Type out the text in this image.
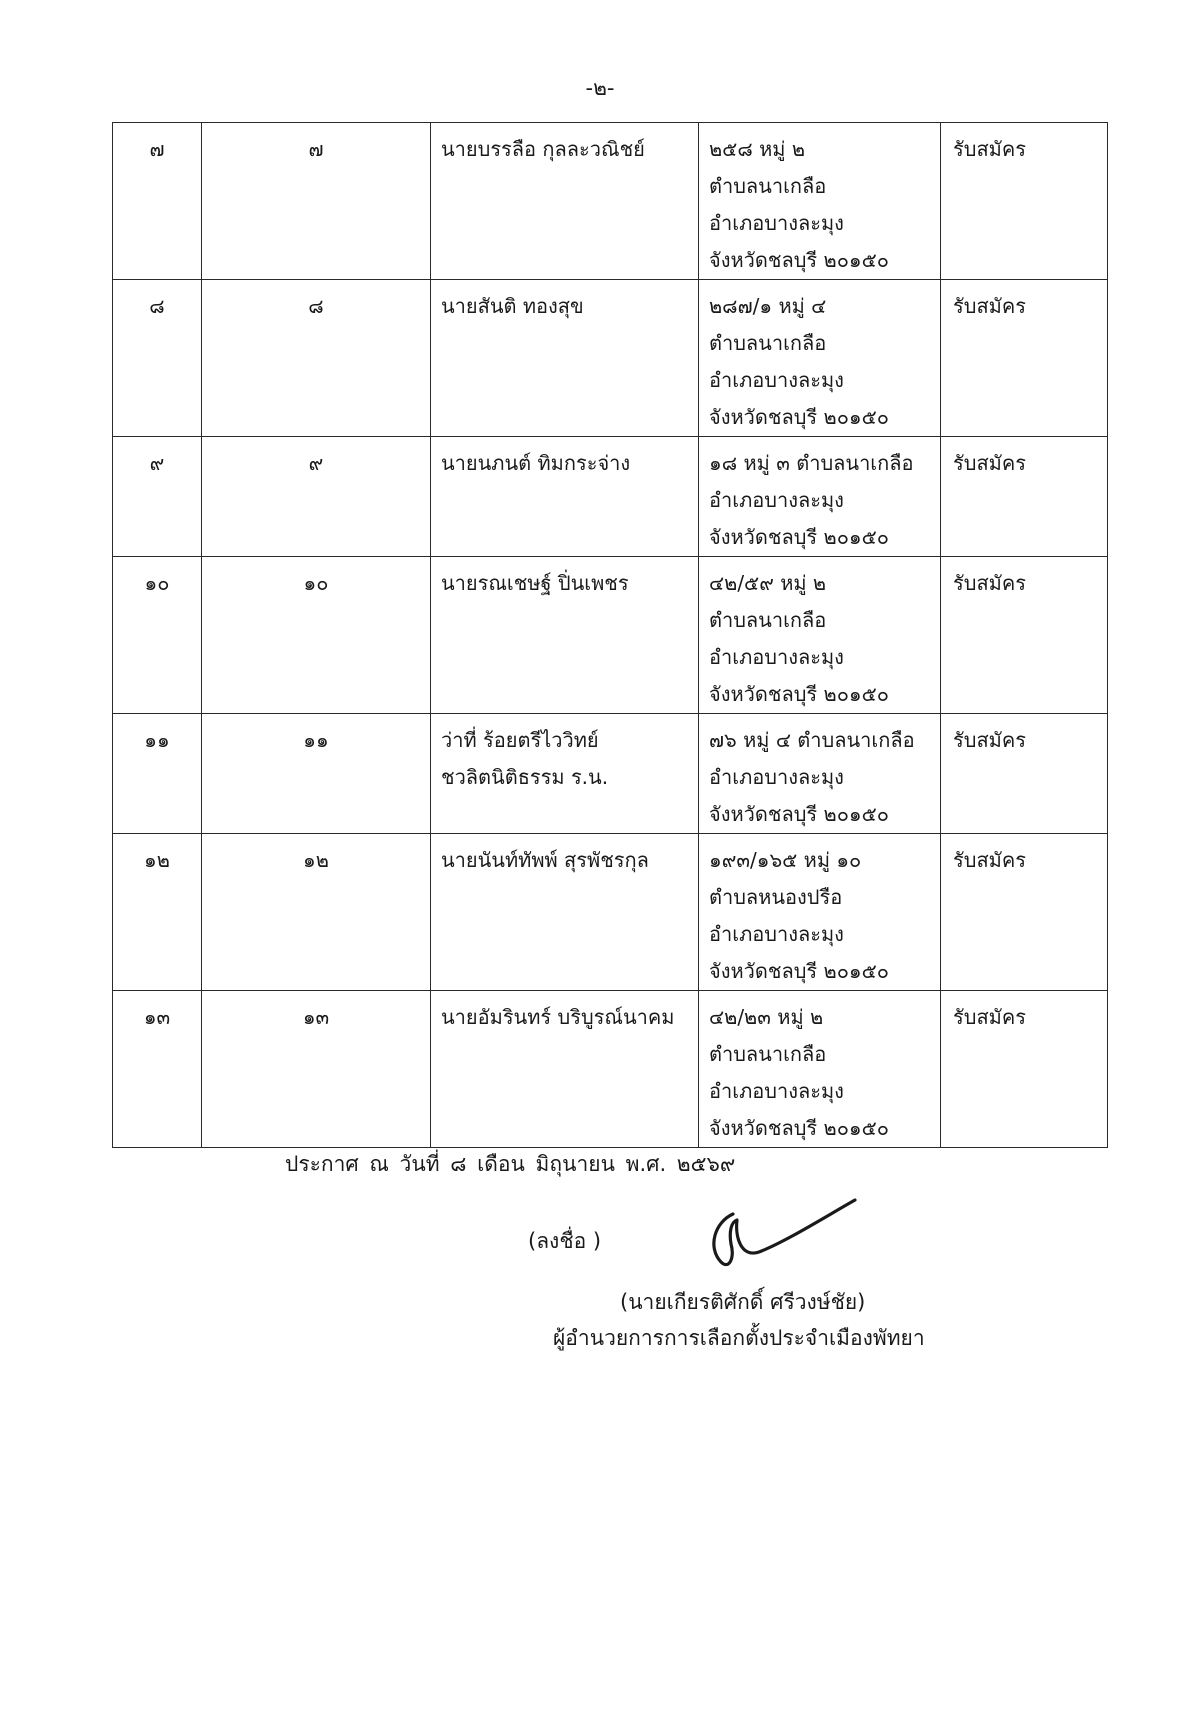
-๒-
๗	๗	นายบรรลือ กุลละวณิชย์	๒๕๘ หมู่ ๒
ตำบลนาเกลือ
อำเภอบางละมุง
จังหวัดชลบุรี ๒๐๑๕๐	รับสมัคร

๘	๘	นายสันติ ทองสุข	๒๘๗/๑ หมู่ ๔
ตำบลนาเกลือ
อำเภอบางละมุง
จังหวัดชลบุรี ๒๐๑๕๐	รับสมัคร

๙	๙	นายนภนต์ ทิมกระจ่าง	๑๘ หมู่ ๓ ตำบลนาเกลือ
อำเภอบางละมุง
จังหวัดชลบุรี ๒๐๑๕๐	รับสมัคร

๑๐	๑๐	นายรณเชษฐ์ ปิ่นเพชร	๔๒/๕๙ หมู่ ๒
ตำบลนาเกลือ
อำเภอบางละมุง
จังหวัดชลบุรี ๒๐๑๕๐	รับสมัคร

๑๑	๑๑	ว่าที่ ร้อยตรีไววิทย์
ชวลิตนิติธรรม ร.น.	๗๖ หมู่ ๔ ตำบลนาเกลือ
อำเภอบางละมุง
จังหวัดชลบุรี ๒๐๑๕๐	รับสมัคร

๑๒	๑๒	นายนันท์ทัพพ์ สุรพัชรกุล	๑๙๓/๑๖๕ หมู่ ๑๐
ตำบลหนองปรือ
อำเภอบางละมุง
จังหวัดชลบุรี ๒๐๑๕๐	รับสมัคร

๑๓	๑๓	นายอัมรินทร์ บริบูรณ์นาคม	๔๒/๒๓ หมู่ ๒
ตำบลนาเกลือ
อำเภอบางละมุง
จังหวัดชลบุรี ๒๐๑๕๐	รับสมัคร
ประกาศ ณ วันที่ ๘ เดือน มิถุนายน พ.ศ. ๒๕๖๙
(ลงชื่อ )
(นายเกียรติศักดิ์ ศรีวงษ์ชัย)
ผู้อำนวยการการเลือกตั้งประจำเมืองพัทยา
